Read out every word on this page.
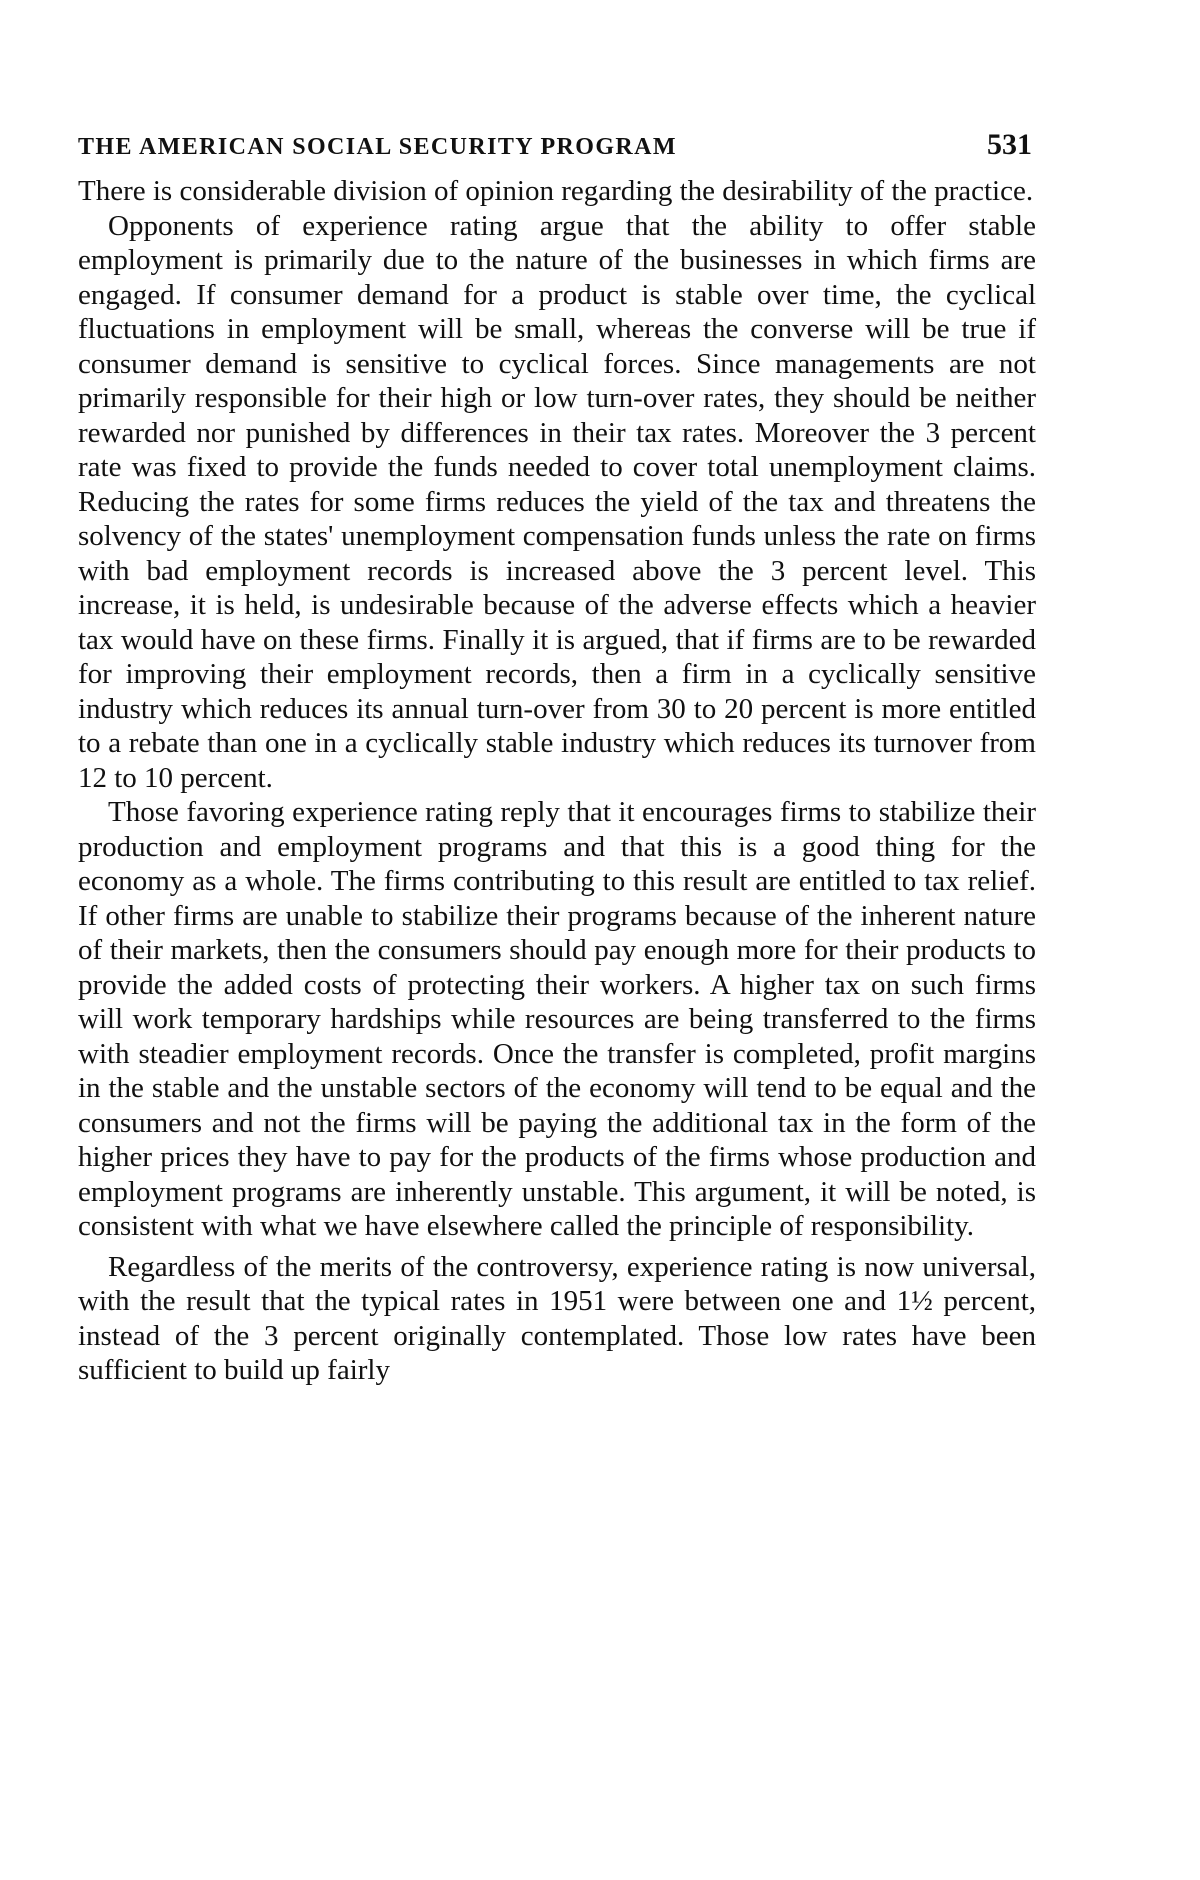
THE AMERICAN SOCIAL SECURITY PROGRAM	531

There is considerable division of opinion regarding the desirability of the practice.

Opponents of experience rating argue that the ability to offer stable employment is primarily due to the nature of the businesses in which firms are engaged. If consumer demand for a product is stable over time, the cyclical fluctuations in employment will be small, whereas the converse will be true if consumer demand is sensitive to cyclical forces. Since managements are not primarily responsible for their high or low turn-over rates, they should be neither rewarded nor punished by differences in their tax rates. Moreover the 3 percent rate was fixed to provide the funds needed to cover total unemployment claims. Reducing the rates for some firms reduces the yield of the tax and threatens the solvency of the states' unemployment compensation funds unless the rate on firms with bad employment records is increased above the 3 percent level. This increase, it is held, is undesirable because of the adverse effects which a heavier tax would have on these firms. Finally it is argued, that if firms are to be rewarded for improving their employment records, then a firm in a cyclically sensitive industry which reduces its annual turn-over from 30 to 20 percent is more entitled to a rebate than one in a cyclically stable industry which reduces its turnover from 12 to 10 percent.

Those favoring experience rating reply that it encourages firms to stabilize their production and employment programs and that this is a good thing for the economy as a whole. The firms contributing to this result are entitled to tax relief. If other firms are unable to stabilize their programs because of the inherent nature of their markets, then the consumers should pay enough more for their products to provide the added costs of protecting their workers. A higher tax on such firms will work temporary hardships while resources are being transferred to the firms with steadier employment records. Once the transfer is completed, profit margins in the stable and the unstable sectors of the economy will tend to be equal and the consumers and not the firms will be paying the additional tax in the form of the higher prices they have to pay for the products of the firms whose production and employment programs are inherently unstable. This argument, it will be noted, is consistent with what we have elsewhere called the principle of responsibility.

Regardless of the merits of the controversy, experience rating is now universal, with the result that the typical rates in 1951 were between one and 1½ percent, instead of the 3 percent originally contemplated. Those low rates have been sufficient to build up fairly
